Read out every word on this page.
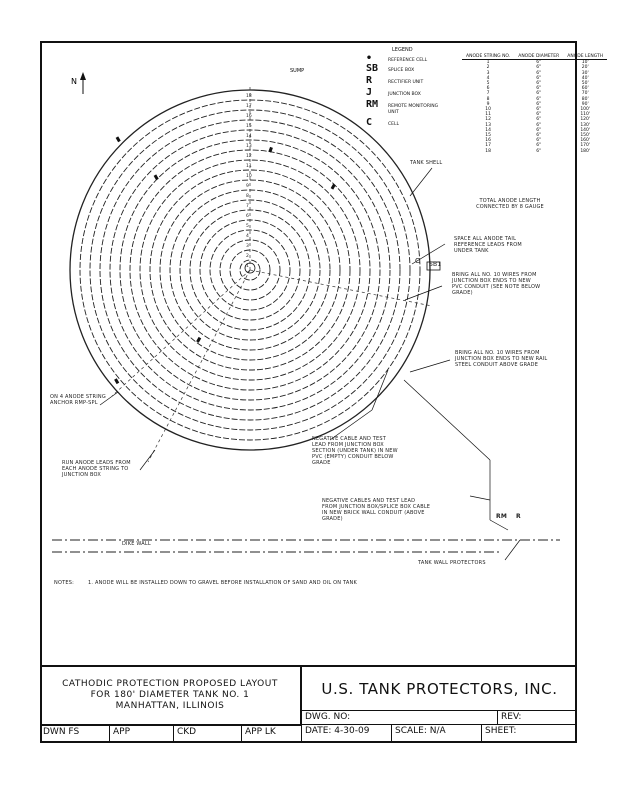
N
1
2
3
4
5
6
7
8
9
10
11
12
13
14
15
16
17
18
SUMP
TANK SHELL
C SB1
DIKE WALL
SPACE ALL ANODE TAIL REFERENCE LEADS FROM UNDER TANK
BRING ALL NO. 10 WIRES FROM JUNCTION BOX ENDS TO NEW PVC CONDUIT (SEE NOTE BELOW GRADE)
BRING ALL NO. 10 WIRES FROM JUNCTION BOX ENDS TO NEW RAIL STEEL CONDUIT ABOVE GRADE
ON 4 ANODE STRING ANCHOR RMP-SPL
RUN ANODE LEADS FROM EACH ANODE STRING TO JUNCTION BOX
NEGATIVE CABLE AND TEST LEAD FROM JUNCTION BOX SECTION (UNDER TANK) IN NEW PVC (EMPTY) CONDUIT BELOW GRADE
NEGATIVE CABLES AND TEST LEAD FROM JUNCTION BOX/SPLICE BOX CABLE IN NEW BRICK WALL CONDUIT (ABOVE GRADE)	RM R
TANK WALL PROTECTORS
LEGEND
•	REFERENCE CELL
SB SPLICE BOX
R	RECTIFIER UNIT
J	JUNCTION BOX
RM REMOTE MONITORING UNIT
C	CELL
ANODE STRING NO.	ANODE DIAMETER	ANODE LENGTH
1	6"	10'
2	6"	20'
3	6"	30'
4	6"	40'
5	6"	50'
6	6"	60'
7	6"	70'
8	6"	80'
9	6"	90'
10	6"	100'
11	6"	110'
12	6"	120'
13	6"	130'
14	6"	140'
15	6"	150'
16	6"	160'
17	6"	170'
18	6"	180'
TOTAL ANODE LENGTH CONNECTED BY 8 GAUGE
NOTES:	1. ANODE WILL BE INSTALLED DOWN TO GRAVEL BEFORE INSTALLATION OF SAND AND OIL ON TANK
CATHODIC PROTECTION PROPOSED LAYOUT
FOR 180' DIAMETER TANK NO. 1
MANHATTAN, ILLINOIS
U.S. TANK PROTECTORS, INC.
DWG. NO:	REV:
DWN FS	APP	CKD	APP LK	DATE: 4-30-09	SCALE: N/A	SHEET:
